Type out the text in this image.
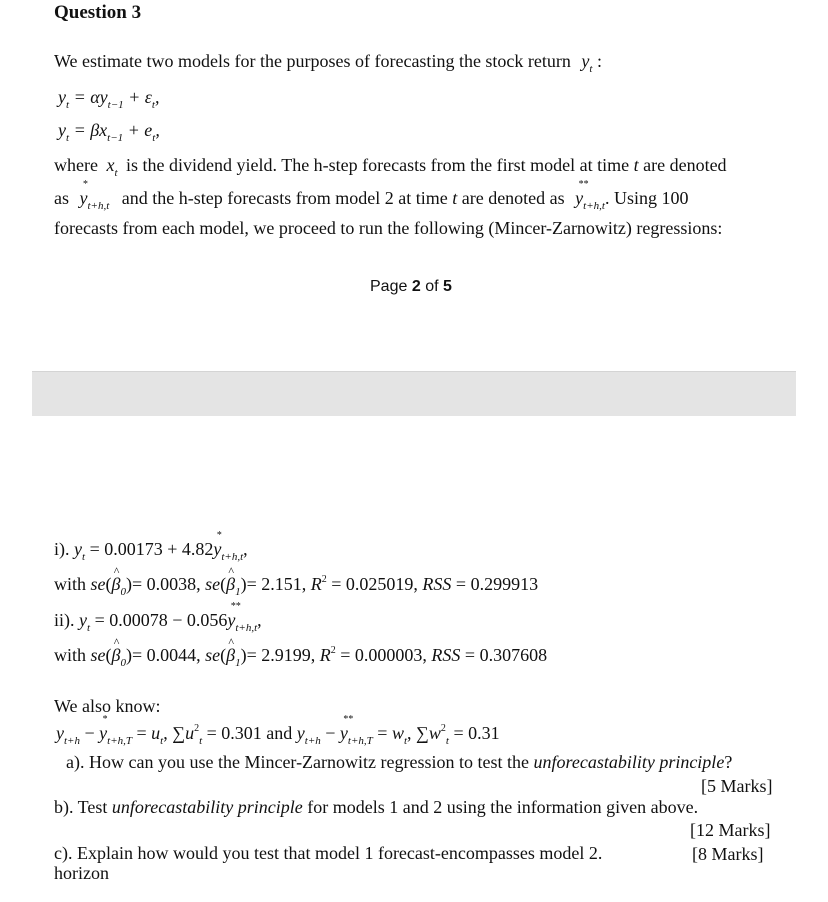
Question 3
We estimate two models for the purposes of forecasting the stock return $y_t$ :
$y_t = \alpha y_{t-1} + \varepsilon_t$,
$y_t = \beta x_{t-1} + e_t$,
where $x_t$ is the dividend yield. The h-step forecasts from the first model at time t are denoted
as y
*
$_{t+h,t}$ and the h-step forecasts from model 2 at time t are denoted as y
**
$_{t+h,t}$. Using 100
forecasts from each model, we proceed to run the following (Mincer-Zarnowitz) regressions:
Page 2 of 5
i). $y_t = 0.00173 + 4.82y$
*
$_{t+h,t}$,
with se(^ $\beta_0)= 0.0038$, se(^ $\beta_1)= 2.151$, $R^2 = 0.025019$, RSS = 0.299913
ii). $y_t = 0.00078 - 0.056y$
**
$_{t+h,t}$,
with se(^ $\beta_0)= 0.0044$, se(^ $\beta_1)= 2.9199$, $R^2 = 0.000003$, RSS = 0.307608
We also know:
$y_{t+h} - y$
*
$_{t+h,T} = u_t$, $\sum u^2_t = 0.301$ and $y_{t+h} - y$
**
$_{t+h,T} = w_t$, $\sum w^2_t = 0.31$
a). How can you use the Mincer-Zarnowitz regression to test the unforecastability principle?
[5 Marks]
b). Test unforecastability principle for models 1 and 2 using the information given above.
[12 Marks]
c). Explain how would you test that model 1 forecast-encompasses model 2.	[8 Marks]
horizon
